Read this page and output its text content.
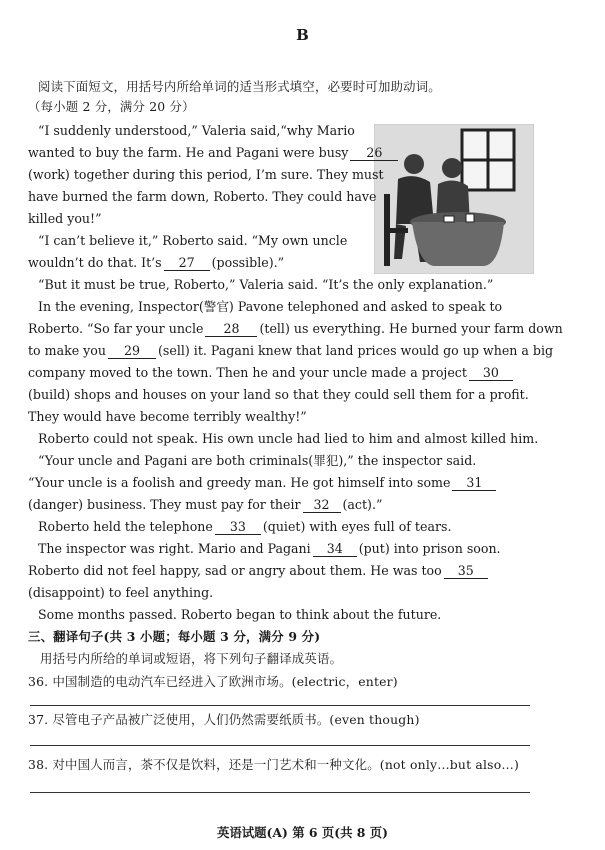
B
阅读下面短文，用括号内所给单词的适当形式填空，必要时可加助动词。
（每小题 2 分，满分 20 分）
“I suddenly understood,” Valeria said,“why Mario
wanted to buy the farm. He and Pagani were busy 26
(work) together during this period, I’m sure. They must
have burned the farm down, Roberto. They could have
killed you!”
“I can’t believe it,” Roberto said. “My own uncle
wouldn’t do that. It’s 27 (possible).”
“But it must be true, Roberto,” Valeria said. “It’s the only explanation.”
In the evening, Inspector(警官) Pavone telephoned and asked to speak to
Roberto. “So far your uncle 28 (tell) us everything. He burned your farm down
to make you 29 (sell) it. Pagani knew that land prices would go up when a big
company moved to the town. Then he and your uncle made a project 30
(build) shops and houses on your land so that they could sell them for a profit.
They would have become terribly wealthy!”
Roberto could not speak. His own uncle had lied to him and almost killed him.
“Your uncle and Pagani are both criminals(罪犯),” the inspector said.
“Your uncle is a foolish and greedy man. He got himself into some 31
(danger) business. They must pay for their 32 (act).”
Roberto held the telephone 33 (quiet) with eyes full of tears.
The inspector was right. Mario and Pagani 34 (put) into prison soon.
Roberto did not feel happy, sad or angry about them. He was too 35
(disappoint) to feel anything.
Some months passed. Roberto began to think about the future.
三、翻译句子(共 3 小题；每小题 3 分，满分 9 分)
用括号内所给的单词或短语，将下列句子翻译成英语。
36. 中国制造的电动汽车已经进入了欧洲市场。(electric，enter)
37. 尽管电子产品被广泛使用，人们仍然需要纸质书。(even though)
38. 对中国人而言，茶不仅是饮料，还是一门艺术和一种文化。(not only…but also…)
英语试题(A) 第 6 页(共 8 页)
